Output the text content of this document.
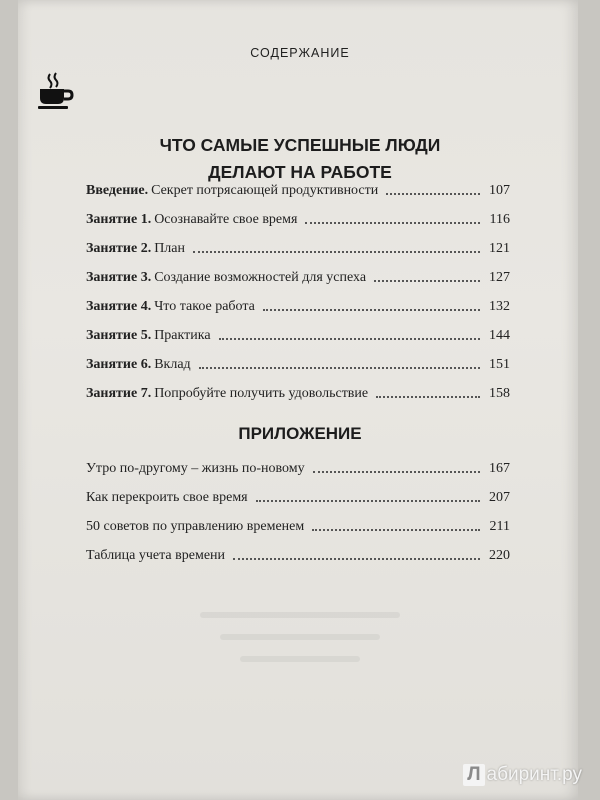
СОДЕРЖАНИЕ
ЧТО САМЫЕ УСПЕШНЫЕ ЛЮДИ
ДЕЛАЮТ НА РАБОТЕ
Введение. Секрет потрясающей продуктивности	107
Занятие 1. Осознавайте свое время	116
Занятие 2. План	121
Занятие 3. Создание возможностей для успеха	127
Занятие 4. Что такое работа	132
Занятие 5. Практика	144
Занятие 6. Вклад	151
Занятие 7. Попробуйте получить удовольствие	158
ПРИЛОЖЕНИЕ
Утро по-другому – жизнь по-новому	167
Как перекроить свое время	207
50 советов по управлению временем	211
Таблица учета времени	220
Л абиринт.ру
